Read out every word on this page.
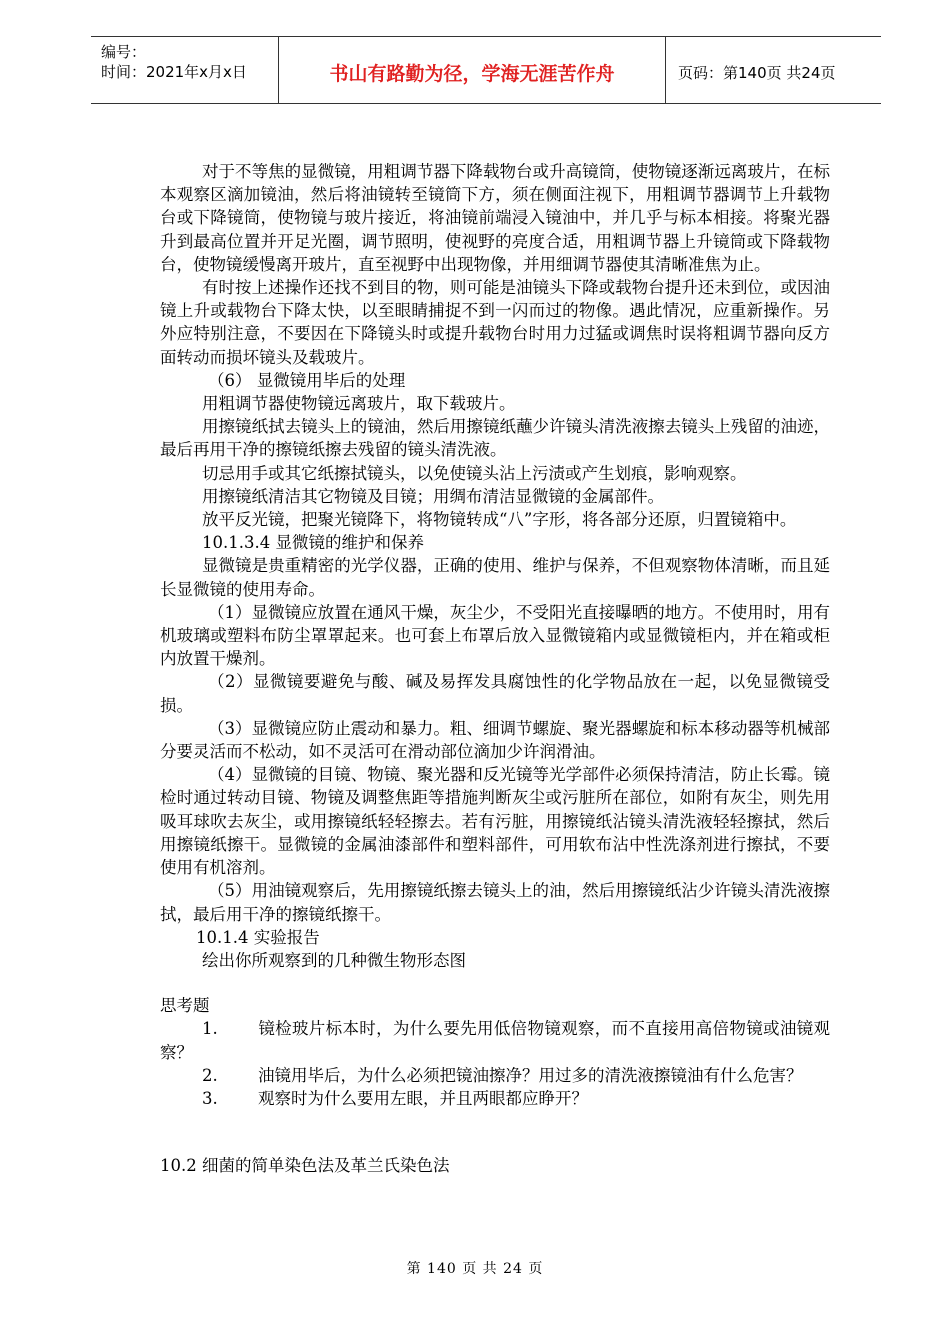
编号：
时间：2021年x月x日	书山有路勤为径，学海无涯苦作舟	页码：第140页 共24页

对于不等焦的显微镜，用粗调节器下降载物台或升高镜筒，使物镜逐渐远离玻片，在标本观察区滴加镜油，然后将油镜转至镜筒下方，须在侧面注视下，用粗调节器调节上升载物台或下降镜筒，使物镜与玻片接近，将油镜前端浸入镜油中，并几乎与标本相接。将聚光器升到最高位置并开足光圈，调节照明，使视野的亮度合适，用粗调节器上升镜筒或下降载物台，使物镜缓慢离开玻片，直至视野中出现物像，并用细调节器使其清晰准焦为止。

有时按上述操作还找不到目的物，则可能是油镜头下降或载物台提升还未到位，或因油镜上升或载物台下降太快，以至眼睛捕捉不到一闪而过的物像。遇此情况，应重新操作。另外应特别注意，不要因在下降镜头时或提升载物台时用力过猛或调焦时误将粗调节器向反方面转动而损坏镜头及载玻片。

（6） 显微镜用毕后的处理

用粗调节器使物镜远离玻片，取下载玻片。

用擦镜纸拭去镜头上的镜油，然后用擦镜纸蘸少许镜头清洗液擦去镜头上残留的油迹，最后再用干净的擦镜纸擦去残留的镜头清洗液。

切忌用手或其它纸擦拭镜头，以免使镜头沾上污渍或产生划痕，影响观察。

用擦镜纸清洁其它物镜及目镜；用绸布清洁显微镜的金属部件。

放平反光镜，把聚光镜降下，将物镜转成“八”字形，将各部分还原，归置镜箱中。

10.1.3.4 显微镜的维护和保养

显微镜是贵重精密的光学仪器，正确的使用、维护与保养，不但观察物体清晰，而且延长显微镜的使用寿命。

（1）显微镜应放置在通风干燥，灰尘少，不受阳光直接曝晒的地方。不使用时，用有机玻璃或塑料布防尘罩罩起来。也可套上布罩后放入显微镜箱内或显微镜柜内，并在箱或柜内放置干燥剂。

（2）显微镜要避免与酸、碱及易挥发具腐蚀性的化学物品放在一起，以免显微镜受损。

（3）显微镜应防止震动和暴力。粗、细调节螺旋、聚光器螺旋和标本移动器等机械部分要灵活而不松动，如不灵活可在滑动部位滴加少许润滑油。

（4）显微镜的目镜、物镜、聚光器和反光镜等光学部件必须保持清洁，防止长霉。镜检时通过转动目镜、物镜及调整焦距等措施判断灰尘或污脏所在部位，如附有灰尘，则先用吸耳球吹去灰尘，或用擦镜纸轻轻擦去。若有污脏，用擦镜纸沾镜头清洗液轻轻擦拭，然后用擦镜纸擦干。显微镜的金属油漆部件和塑料部件，可用软布沾中性洗涤剂进行擦拭，不要使用有机溶剂。

（5）用油镜观察后，先用擦镜纸擦去镜头上的油，然后用擦镜纸沾少许镜头清洗液擦拭，最后用干净的擦镜纸擦干。

10.1.4 实验报告

绘出你所观察到的几种微生物形态图

思考题

1. 镜检玻片标本时，为什么要先用低倍物镜观察，而不直接用高倍物镜或油镜观察？

2. 油镜用毕后，为什么必须把镜油擦净？用过多的清洗液擦镜油有什么危害？

3. 观察时为什么要用左眼，并且两眼都应睁开？

10.2 细菌的简单染色法及革兰氏染色法

第 140 页 共 24 页
